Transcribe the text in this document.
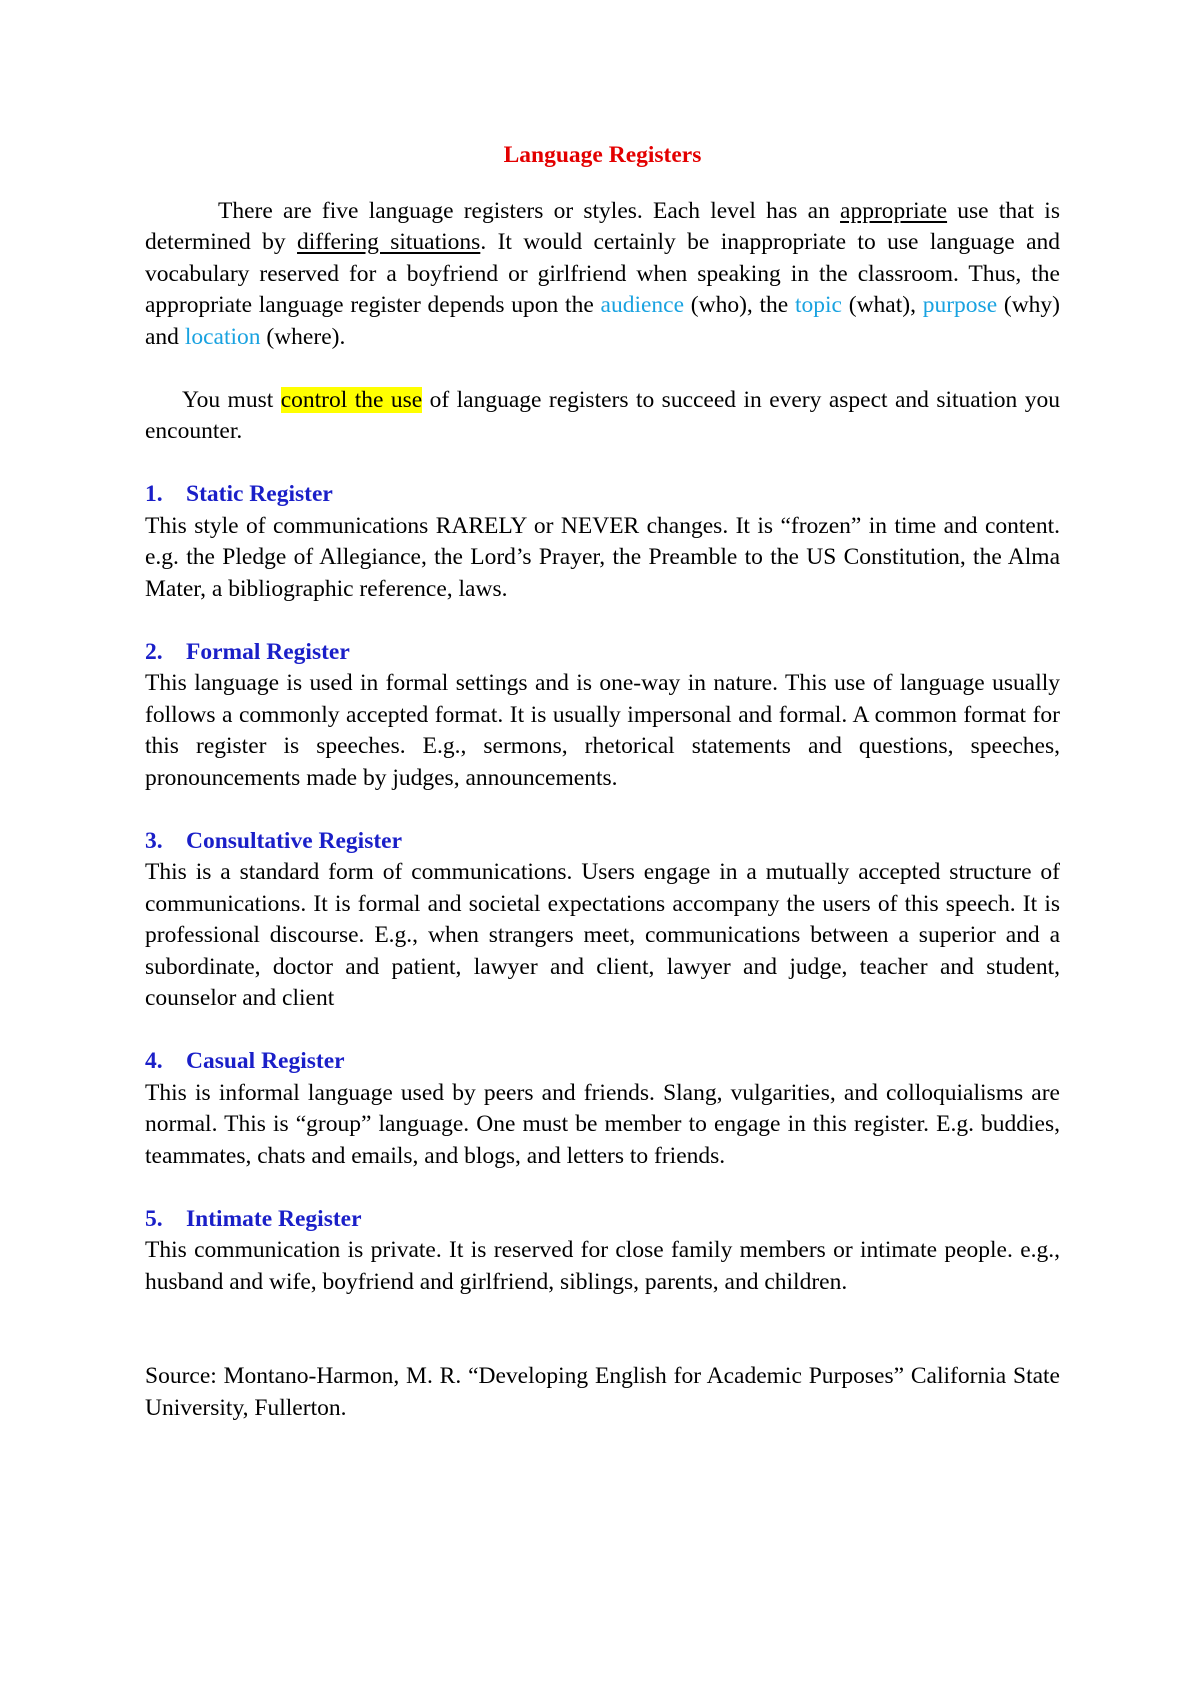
Language Registers

There are five language registers or styles. Each level has an appropriate use that is determined by differing situations. It would certainly be inappropriate to use language and vocabulary reserved for a boyfriend or girlfriend when speaking in the classroom. Thus, the appropriate language register depends upon the audience (who), the topic (what), purpose (why) and location (where).

You must control the use of language registers to succeed in every aspect and situation you encounter.

1. Static Register

This style of communications RARELY or NEVER changes. It is “frozen” in time and content. e.g. the Pledge of Allegiance, the Lord’s Prayer, the Preamble to the US Constitution, the Alma Mater, a bibliographic reference, laws.

2. Formal Register

This language is used in formal settings and is one-way in nature. This use of language usually follows a commonly accepted format. It is usually impersonal and formal. A common format for this register is speeches. E.g., sermons, rhetorical statements and questions, speeches, pronouncements made by judges, announcements.

3. Consultative Register

This is a standard form of communications. Users engage in a mutually accepted structure of communications. It is formal and societal expectations accompany the users of this speech. It is professional discourse. E.g., when strangers meet, communications between a superior and a subordinate, doctor and patient, lawyer and client, lawyer and judge, teacher and student, counselor and client

4. Casual Register

This is informal language used by peers and friends. Slang, vulgarities, and colloquialisms are normal. This is “group” language. One must be member to engage in this register. E.g. buddies, teammates, chats and emails, and blogs, and letters to friends.

5. Intimate Register

This communication is private. It is reserved for close family members or intimate people. e.g., husband and wife, boyfriend and girlfriend, siblings, parents, and children.

Source: Montano-Harmon, M. R. “Developing English for Academic Purposes” California State University, Fullerton.
